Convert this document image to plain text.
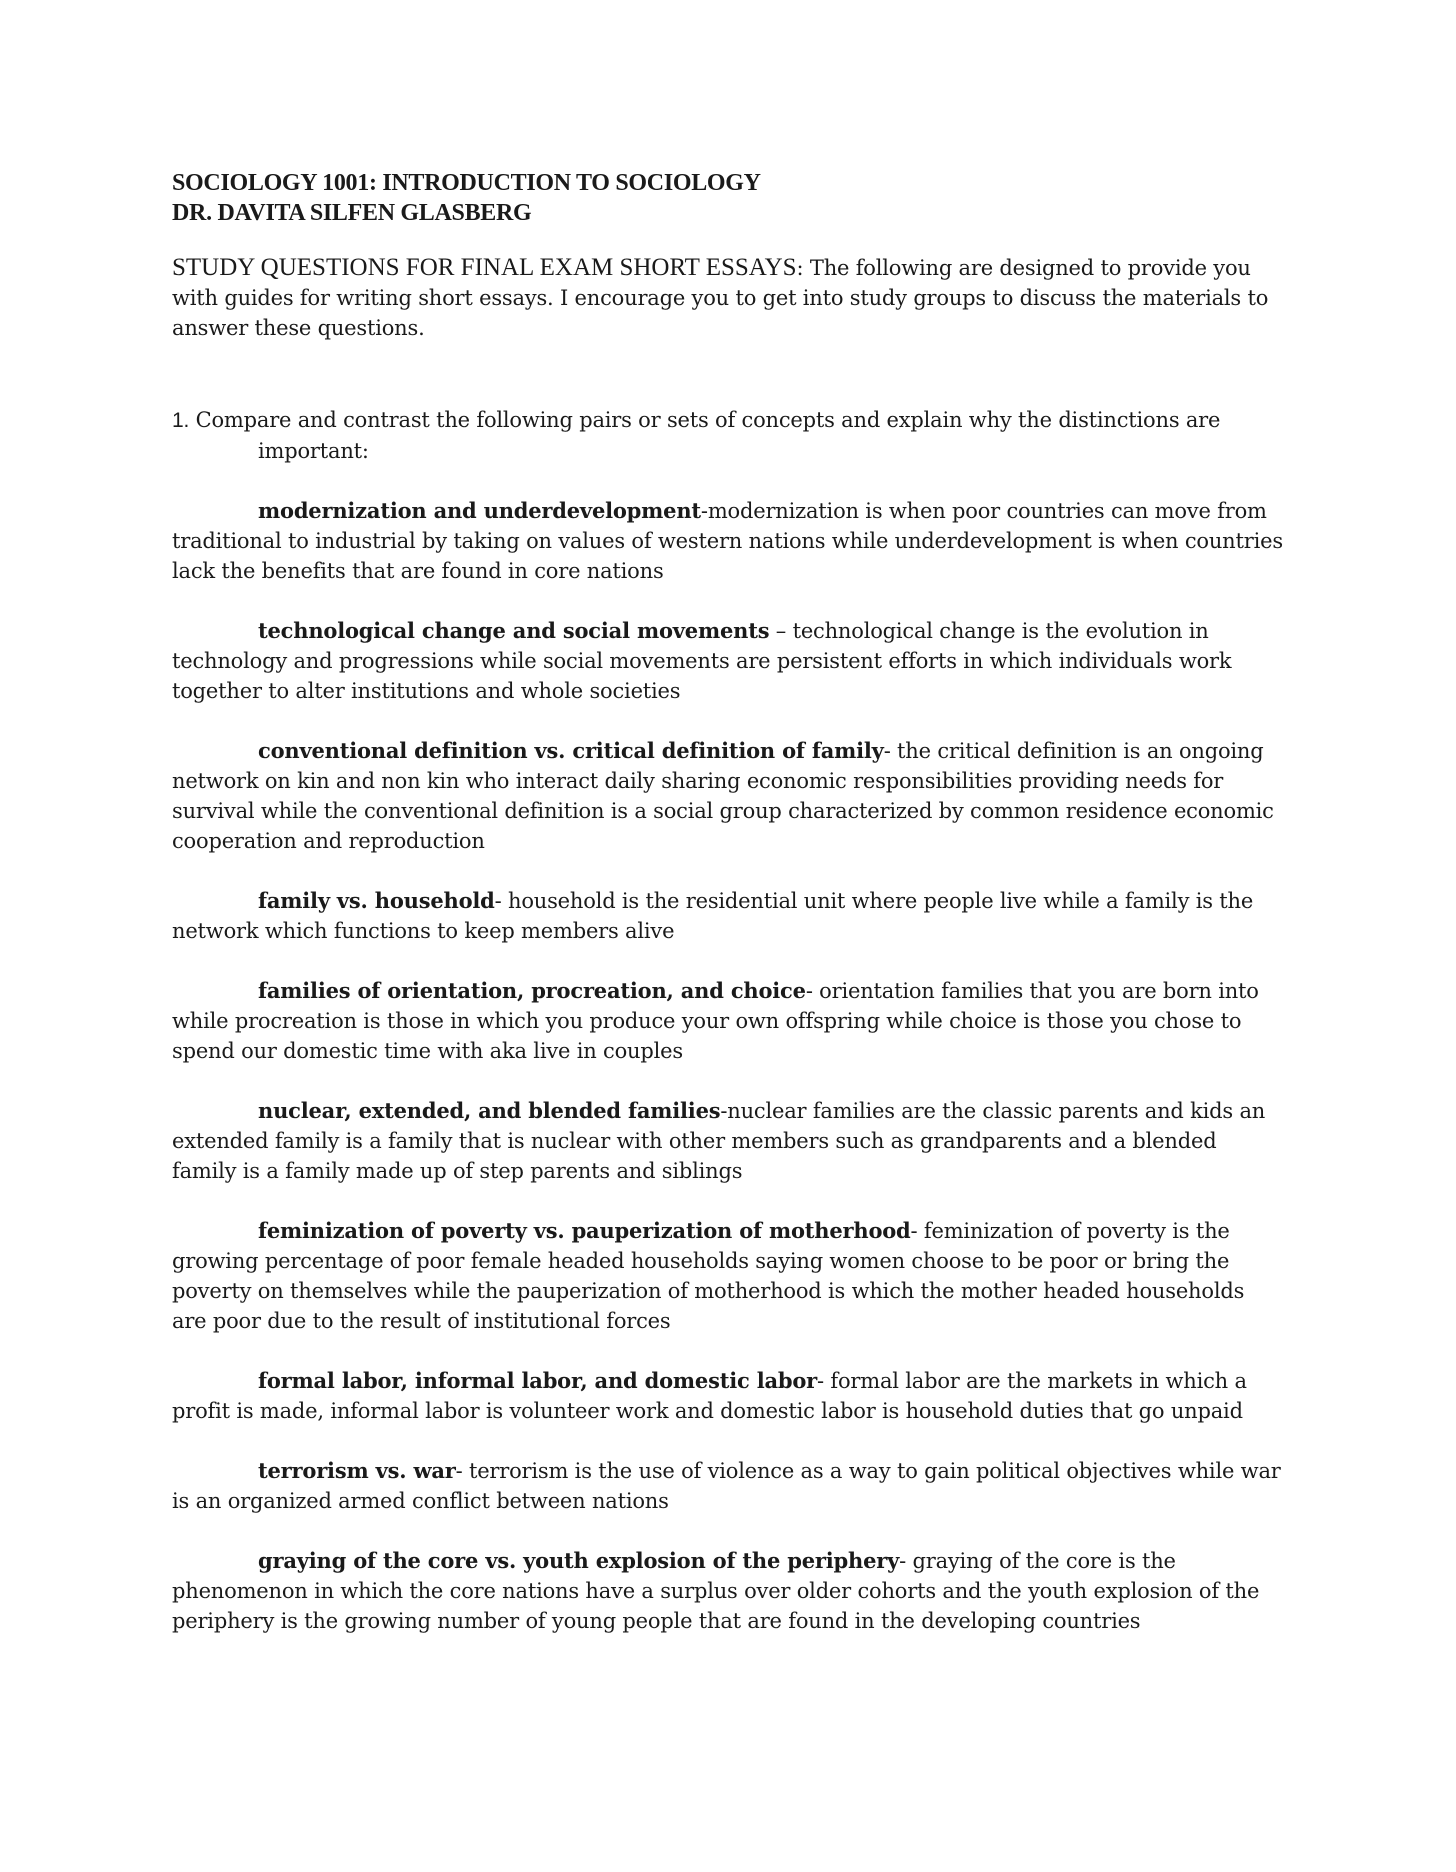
SOCIOLOGY 1001: INTRODUCTION TO SOCIOLOGY
DR. DAVITA SILFEN GLASBERG

STUDY QUESTIONS FOR FINAL EXAM SHORT ESSAYS: The following are designed to provide you with guides for writing short essays. I encourage you to get into study groups to discuss the materials to answer these questions.

1. Compare and contrast the following pairs or sets of concepts and explain why the distinctions are important:

modernization and underdevelopment-modernization is when poor countries can move from traditional to industrial by taking on values of western nations while underdevelopment is when countries lack the benefits that are found in core nations

technological change and social movements – technological change is the evolution in technology and progressions while social movements are persistent efforts in which individuals work together to alter institutions and whole societies

conventional definition vs. critical definition of family- the critical definition is an ongoing network on kin and non kin who interact daily sharing economic responsibilities providing needs for survival while the conventional definition is a social group characterized by common residence economic cooperation and reproduction

family vs. household- household is the residential unit where people live while a family is the network which functions to keep members alive

families of orientation, procreation, and choice- orientation families that you are born into while procreation is those in which you produce your own offspring while choice is those you chose to spend our domestic time with aka live in couples

nuclear, extended, and blended families-nuclear families are the classic parents and kids an extended family is a family that is nuclear with other members such as grandparents and a blended family is a family made up of step parents and siblings

feminization of poverty vs. pauperization of motherhood- feminization of poverty is the growing percentage of poor female headed households saying women choose to be poor or bring the poverty on themselves while the pauperization of motherhood is which the mother headed households are poor due to the result of institutional forces

formal labor, informal labor, and domestic labor- formal labor are the markets in which a profit is made, informal labor is volunteer work and domestic labor is household duties that go unpaid

terrorism vs. war- terrorism is the use of violence as a way to gain political objectives while war is an organized armed conflict between nations

graying of the core vs. youth explosion of the periphery- graying of the core is the phenomenon in which the core nations have a surplus over older cohorts and the youth explosion of the periphery is the growing number of young people that are found in the developing countries
